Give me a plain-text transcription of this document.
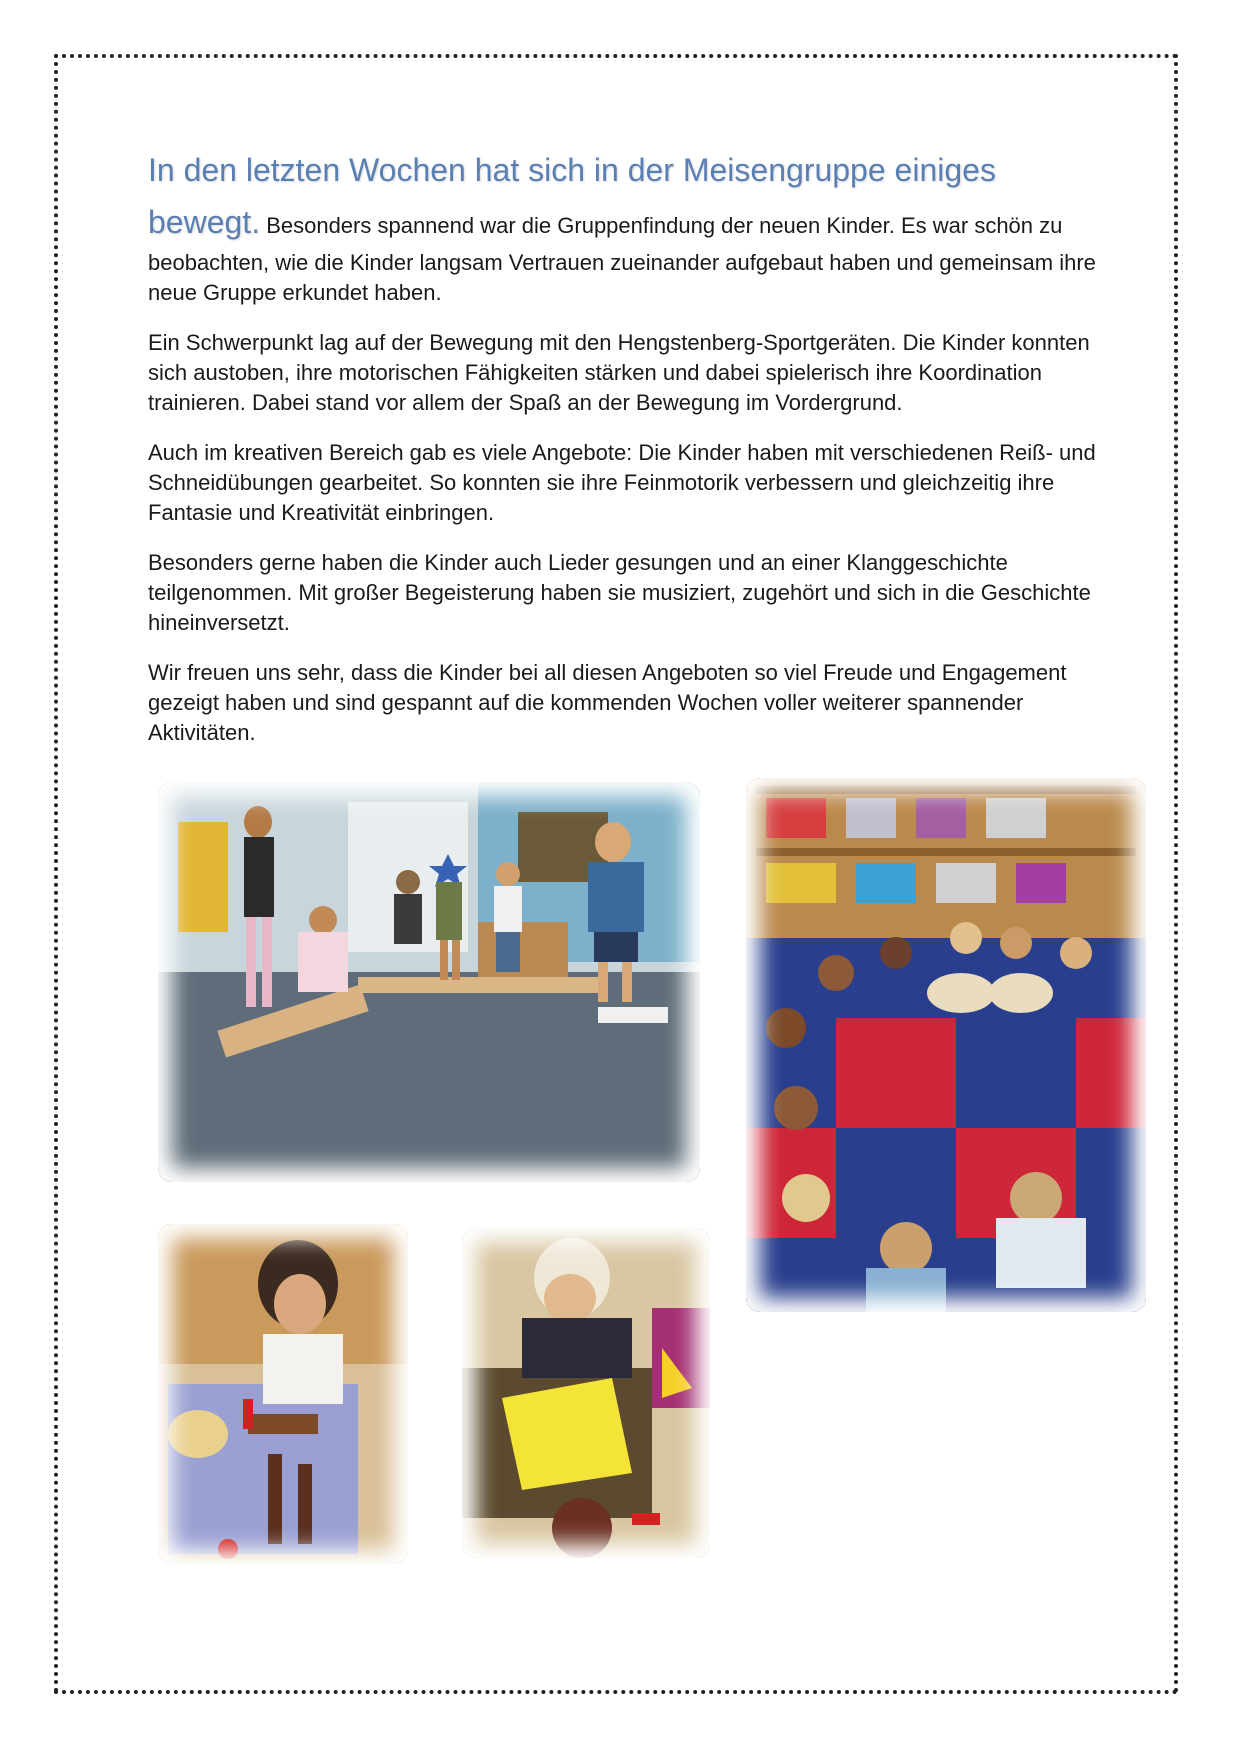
In den letzten Wochen hat sich in der Meisengruppe einiges bewegt. Besonders spannend war die Gruppenfindung der neuen Kinder. Es war schön zu beobachten, wie die Kinder langsam Vertrauen zueinander aufgebaut haben und gemeinsam ihre neue Gruppe erkundet haben.

Ein Schwerpunkt lag auf der Bewegung mit den Hengstenberg-Sportgeräten. Die Kinder konnten sich austoben, ihre motorischen Fähigkeiten stärken und dabei spielerisch ihre Koordination trainieren. Dabei stand vor allem der Spaß an der Bewegung im Vordergrund.

Auch im kreativen Bereich gab es viele Angebote: Die Kinder haben mit verschiedenen Reiß- und Schneidübungen gearbeitet. So konnten sie ihre Feinmotorik verbessern und gleichzeitig ihre Fantasie und Kreativität einbringen.

Besonders gerne haben die Kinder auch Lieder gesungen und an einer Klanggeschichte teilgenommen. Mit großer Begeisterung haben sie musiziert, zugehört und sich in die Geschichte hineinversetzt.

Wir freuen uns sehr, dass die Kinder bei all diesen Angeboten so viel Freude und Engagement gezeigt haben und sind gespannt auf die kommenden Wochen voller weiterer spannender Aktivitäten.
